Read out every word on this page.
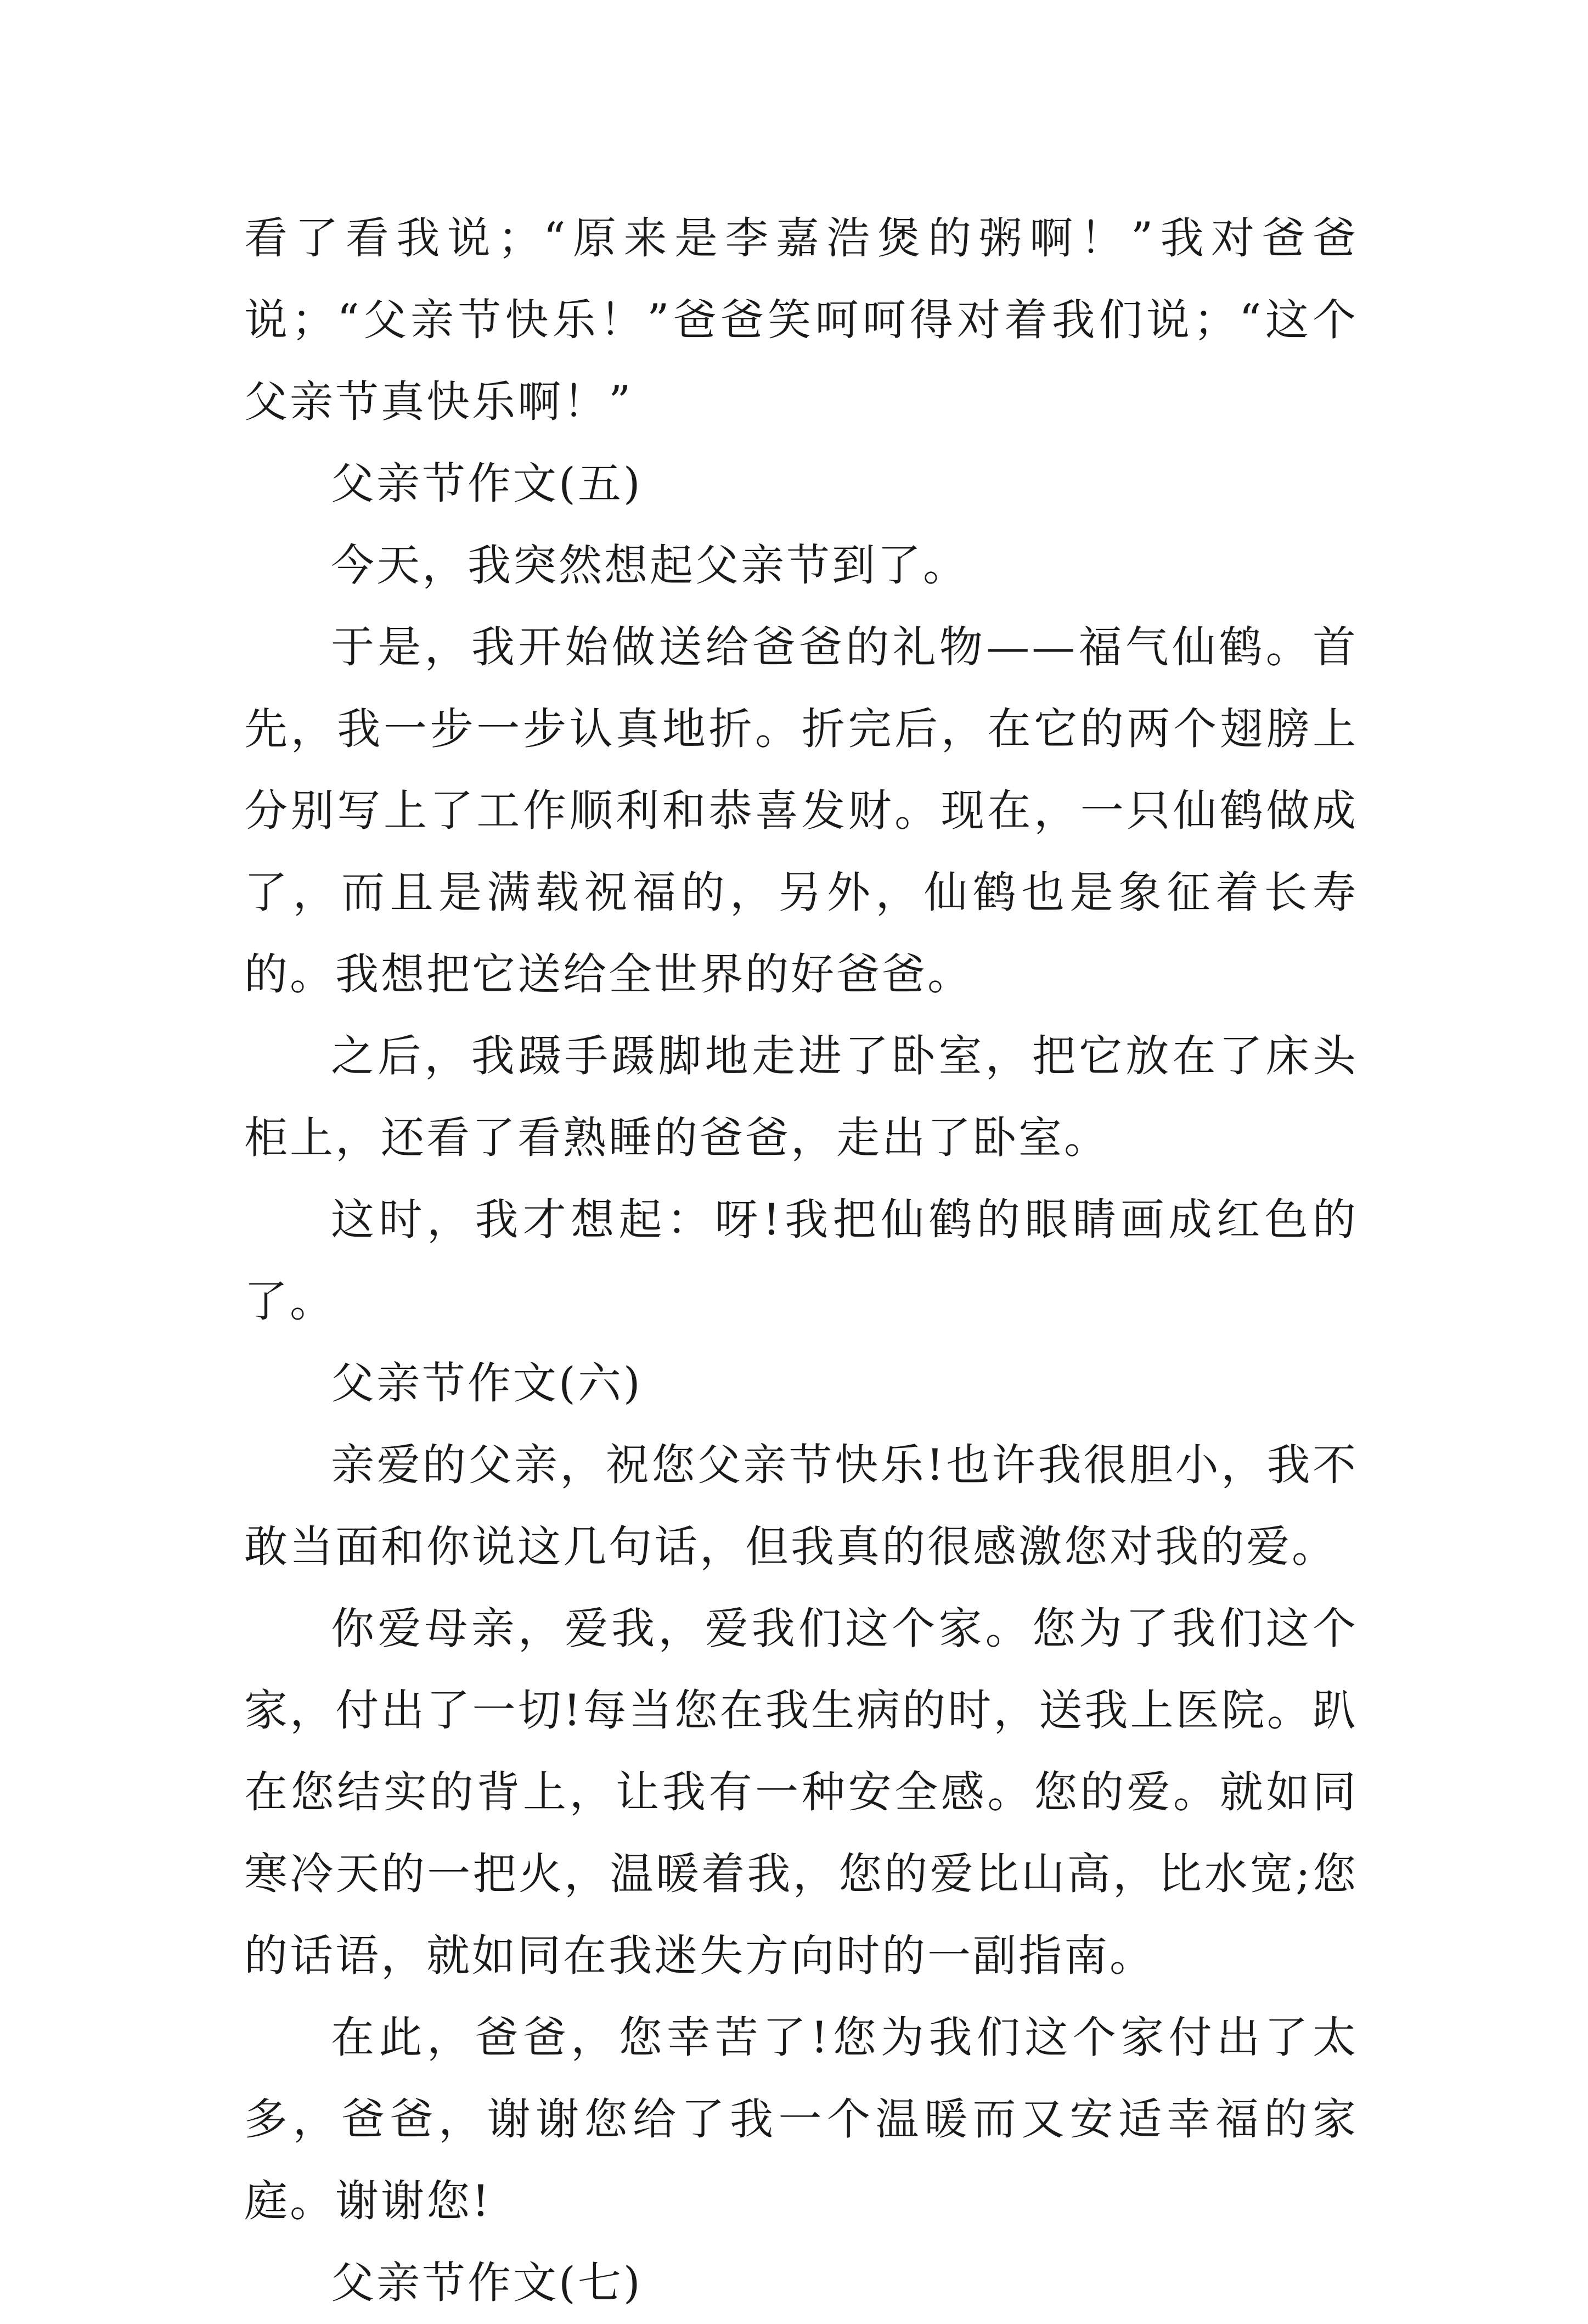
看了看我说；“原来是李嘉浩煲的粥啊！”我对爸爸说；“父亲节快乐！”爸爸笑呵呵得对着我们说；“这个父亲节真快乐啊！”

父亲节作文(五)

今天，我突然想起父亲节到了。

于是，我开始做送给爸爸的礼物——福气仙鹤。首先，我一步一步认真地折。折完后，在它的两个翅膀上分别写上了工作顺利和恭喜发财。现在，一只仙鹤做成了，而且是满载祝福的，另外，仙鹤也是象征着长寿的。我想把它送给全世界的好爸爸。

之后，我蹑手蹑脚地走进了卧室，把它放在了床头柜上，还看了看熟睡的爸爸，走出了卧室。

这时，我才想起：呀!我把仙鹤的眼睛画成红色的了。

父亲节作文(六)

亲爱的父亲，祝您父亲节快乐!也许我很胆小，我不敢当面和你说这几句话，但我真的很感激您对我的爱。

你爱母亲，爱我，爱我们这个家。您为了我们这个家，付出了一切!每当您在我生病的时，送我上医院。趴在您结实的背上，让我有一种安全感。您的爱。就如同寒冷天的一把火，温暖着我，您的爱比山高，比水宽;您的话语，就如同在我迷失方向时的一副指南。

在此，爸爸，您幸苦了!您为我们这个家付出了太多，爸爸，谢谢您给了我一个温暖而又安适幸福的家庭。谢谢您!

父亲节作文(七)
